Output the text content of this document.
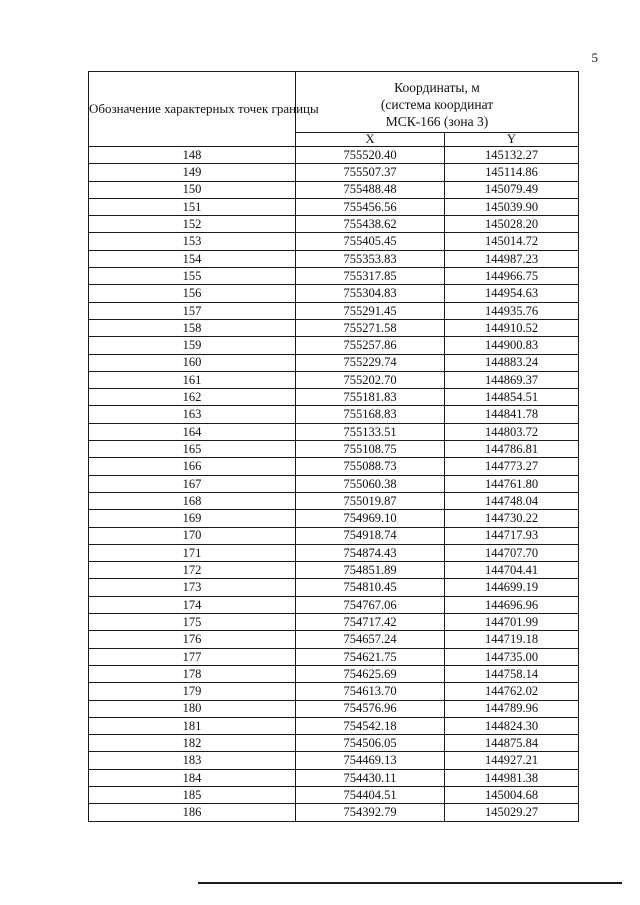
5
Обозначение характерных точек границы	Координаты, м
(система координат
МСК-166 (зона 3)	

	X	Y
148	755520.40	145132.27
149	755507.37	145114.86
150	755488.48	145079.49
151	755456.56	145039.90
152	755438.62	145028.20
153	755405.45	145014.72
154	755353.83	144987.23
155	755317.85	144966.75
156	755304.83	144954.63
157	755291.45	144935.76
158	755271.58	144910.52
159	755257.86	144900.83
160	755229.74	144883.24
161	755202.70	144869.37
162	755181.83	144854.51
163	755168.83	144841.78
164	755133.51	144803.72
165	755108.75	144786.81
166	755088.73	144773.27
167	755060.38	144761.80
168	755019.87	144748.04
169	754969.10	144730.22
170	754918.74	144717.93
171	754874.43	144707.70
172	754851.89	144704.41
173	754810.45	144699.19
174	754767.06	144696.96
175	754717.42	144701.99
176	754657.24	144719.18
177	754621.75	144735.00
178	754625.69	144758.14
179	754613.70	144762.02
180	754576.96	144789.96
181	754542.18	144824.30
182	754506.05	144875.84
183	754469.13	144927.21
184	754430.11	144981.38
185	754404.51	145004.68
186	754392.79	145029.27
